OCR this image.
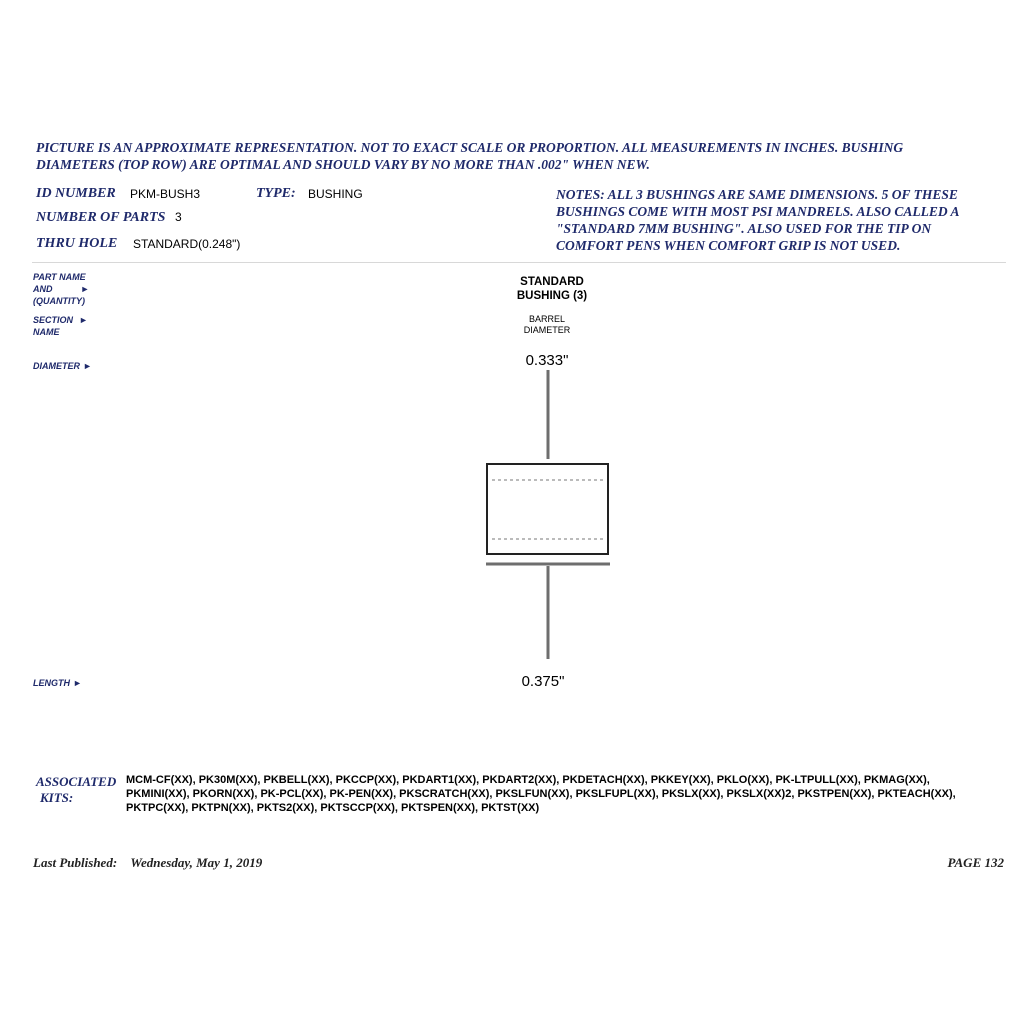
PICTURE IS AN APPROXIMATE REPRESENTATION. NOT TO EXACT SCALE OR PROPORTION. ALL MEASUREMENTS IN INCHES. BUSHING DIAMETERS (TOP ROW) ARE OPTIMAL AND SHOULD VARY BY NO MORE THAN .002" WHEN NEW.
ID NUMBER PKM-BUSH3	TYPE: BUSHING
NUMBER OF PARTS 3
THRU HOLE STANDARD(0.248")
NOTES: ALL 3 BUSHINGS ARE SAME DIMENSIONS. 5 OF THESE BUSHINGS COME WITH MOST PSI MANDRELS. ALSO CALLED A "STANDARD 7MM BUSHING". ALSO USED FOR THE TIP ON COMFORT PENS WHEN COMFORT GRIP IS NOT USED.
PART NAME
AND	►
(QUANTITY)
SECTION ►
NAME
DIAMETER ►
LENGTH ►
STANDARD
BUSHING (3)
BARREL
DIAMETER
0.333"
0.375"
ASSOCIATED
KITS:
MCM-CF(XX), PK30M(XX), PKBELL(XX), PKCCP(XX), PKDART1(XX), PKDART2(XX), PKDETACH(XX), PKKEY(XX), PKLO(XX), PK-LTPULL(XX), PKMAG(XX), PKMINI(XX), PKORN(XX), PK-PCL(XX), PK-PEN(XX), PKSCRATCH(XX), PKSLFUN(XX), PKSLFUPL(XX), PKSLX(XX), PKSLX(XX)2, PKSTPEN(XX), PKTEACH(XX), PKTPC(XX), PKTPN(XX), PKTS2(XX), PKTSCCP(XX), PKTSPEN(XX), PKTST(XX)
Last Published: Wednesday, May 1, 2019	PAGE 132
